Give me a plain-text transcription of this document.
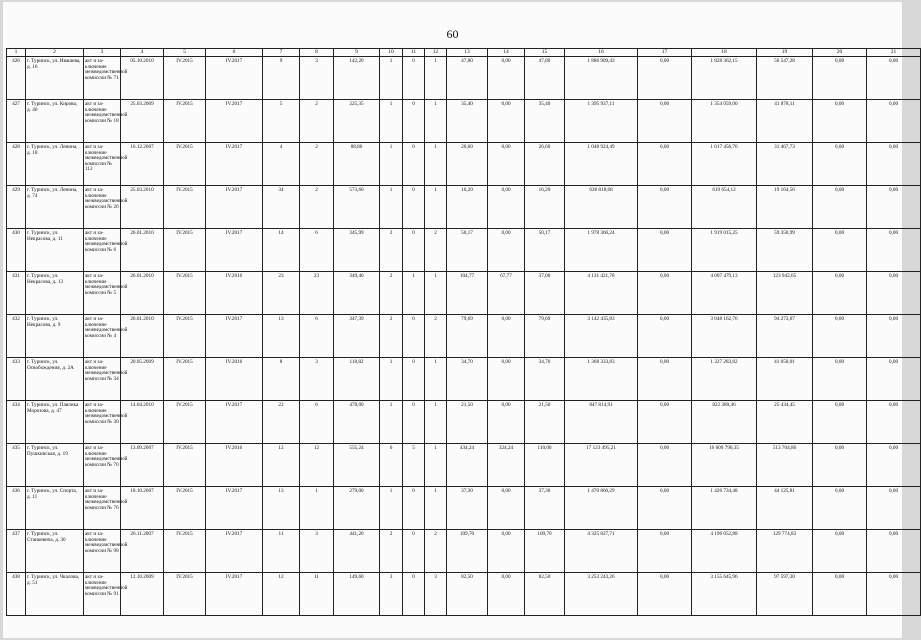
60
1	2	3	4	5	6	7	8	9	10	11	12	13	14	15	16	17	18	19	20	21
426	г. Туринск, ул. Ивашева, д. 16	акт и за-ключение межведомственной комиссии № 71	05.10.2010	IV.2015	IV.2017	9	3	142,20	1	0	1	47,80	0,00	47,80	1 886 909,43	0,00	1 828 362,15	56 547,28	0,00	0,00
427	г. Туринск, ул. Кирова, д. 40	акт и за-ключение межведомственной комиссии № 18	25.03.2009	IV.2015	IV.2017	5	2	225,35	1	0	1	35,40	0,00	35,40	1 395 937,11	0,00	1 354 059,00	41 878,11	0,00	0,00
428	г. Туринск, ул. Ленина, д. 18	акт и за-ключение межведомственной комиссии № 112	16.12.2007	IV.2015	IV.2017	4	2	88,80	1	0	1	26,60	0,00	26,60	1 048 924,49	0,00	1 017 456,76	31 467,73	0,00	0,00
429	г. Туринск, ул. Ленина, д. 74	акт и за-ключение межведомственной комиссии № 26	25.03.2010	IV.2015	IV.2017	34	2	573,60	1	0	1	16,20	0,00	16,20	638 818,68	0,00	619 654,12	19 164,56	0,00	0,00
430	г. Туринск, ул. Некрасова, д. 11	акт и за-ключение межведомственной комиссии № 6	26.01.2010	IV.2015	IV.2017	14	6	345,99	2	0	2	50,17	0,00	50,17	1 978 366,24	0,00	1 919 015,25	59 350,99	0,00	0,00
431	г. Туринск, ул. Некрасова, д. 13	акт и за-ключение межведомственной комиссии № 5	26.01.2010	IV.2015	IV.2016	23	23	349,40	2	1	1	104,77	67,77	37,00	4 131 421,78	0,00	4 007 479,13	123 942,65	0,00	0,00
432	г. Туринск, ул. Некрасова, д. 9	акт и за-ключение межведомственной комиссии № 4	26.01.2010	IV.2015	IV.2017	13	6	347,39	2	0	2	79,69	0,00	79,69	3 142 435,83	0,00	3 048 162,76	94 273,07	0,00	0,00
433	г. Туринск, ул. Освобождения, д. 2А	акт и за-ключение межведомственной комиссии № 34	20.05.2009	IV.2015	IV.2016	8	3	118,82	1	0	1	34,70	0,00	34,70	1 368 333,83	0,00	1 327 283,82	41 050,01	0,00	0,00
434	г. Туринск, ул. Павлика Морозова, д. 47	акт и за-ключение межведомственной комиссии № 30	14.04.2010	IV.2015	IV.2017	22	6	478,00	1	0	1	21,50	0,00	21,50	847 814,91	0,00	822 380,46	25 434,45	0,00	0,00
435	г. Туринск, ул. Пушкинская, д. 19	акт и за-ключение межведомственной комиссии № 70	13.09.2007	IV.2015	IV.2016	12	12	555,24	6	5	1	434,24	324,24	110,00	17 123 495,21	0,00	16 609 790,35	513 704,86	0,00	0,00
436	г. Туринск, ул. Спорта, д. 11	акт и за-ключение межведомственной комиссии № 76	18.10.2007	IV.2015	IV.2017	13	1	279,00	1	0	1	37,30	0,00	37,30	1 470 860,29	0,00	1 426 734,48	44 125,81	0,00	0,00
437	г. Туринск, ул. Станкевича, д. 30	акт и за-ключение межведомственной комиссии № 98	26.11.2007	IV.2015	IV.2017	11	3	441,20	2	0	2	109,70	0,00	109,70	4 325 827,71	0,00	4 196 052,88	129 774,83	0,00	0,00
438	г. Туринск, ул. Чкалова, д. 51	акт и за-ключение межведомственной комиссии № 91	12.10.2009	IV.2015	IV.2017	12	11	149,60	3	0	3	82,50	0,00	82,50	3 253 243,26	0,00	3 155 645,96	97 597,30	0,00	0,00
